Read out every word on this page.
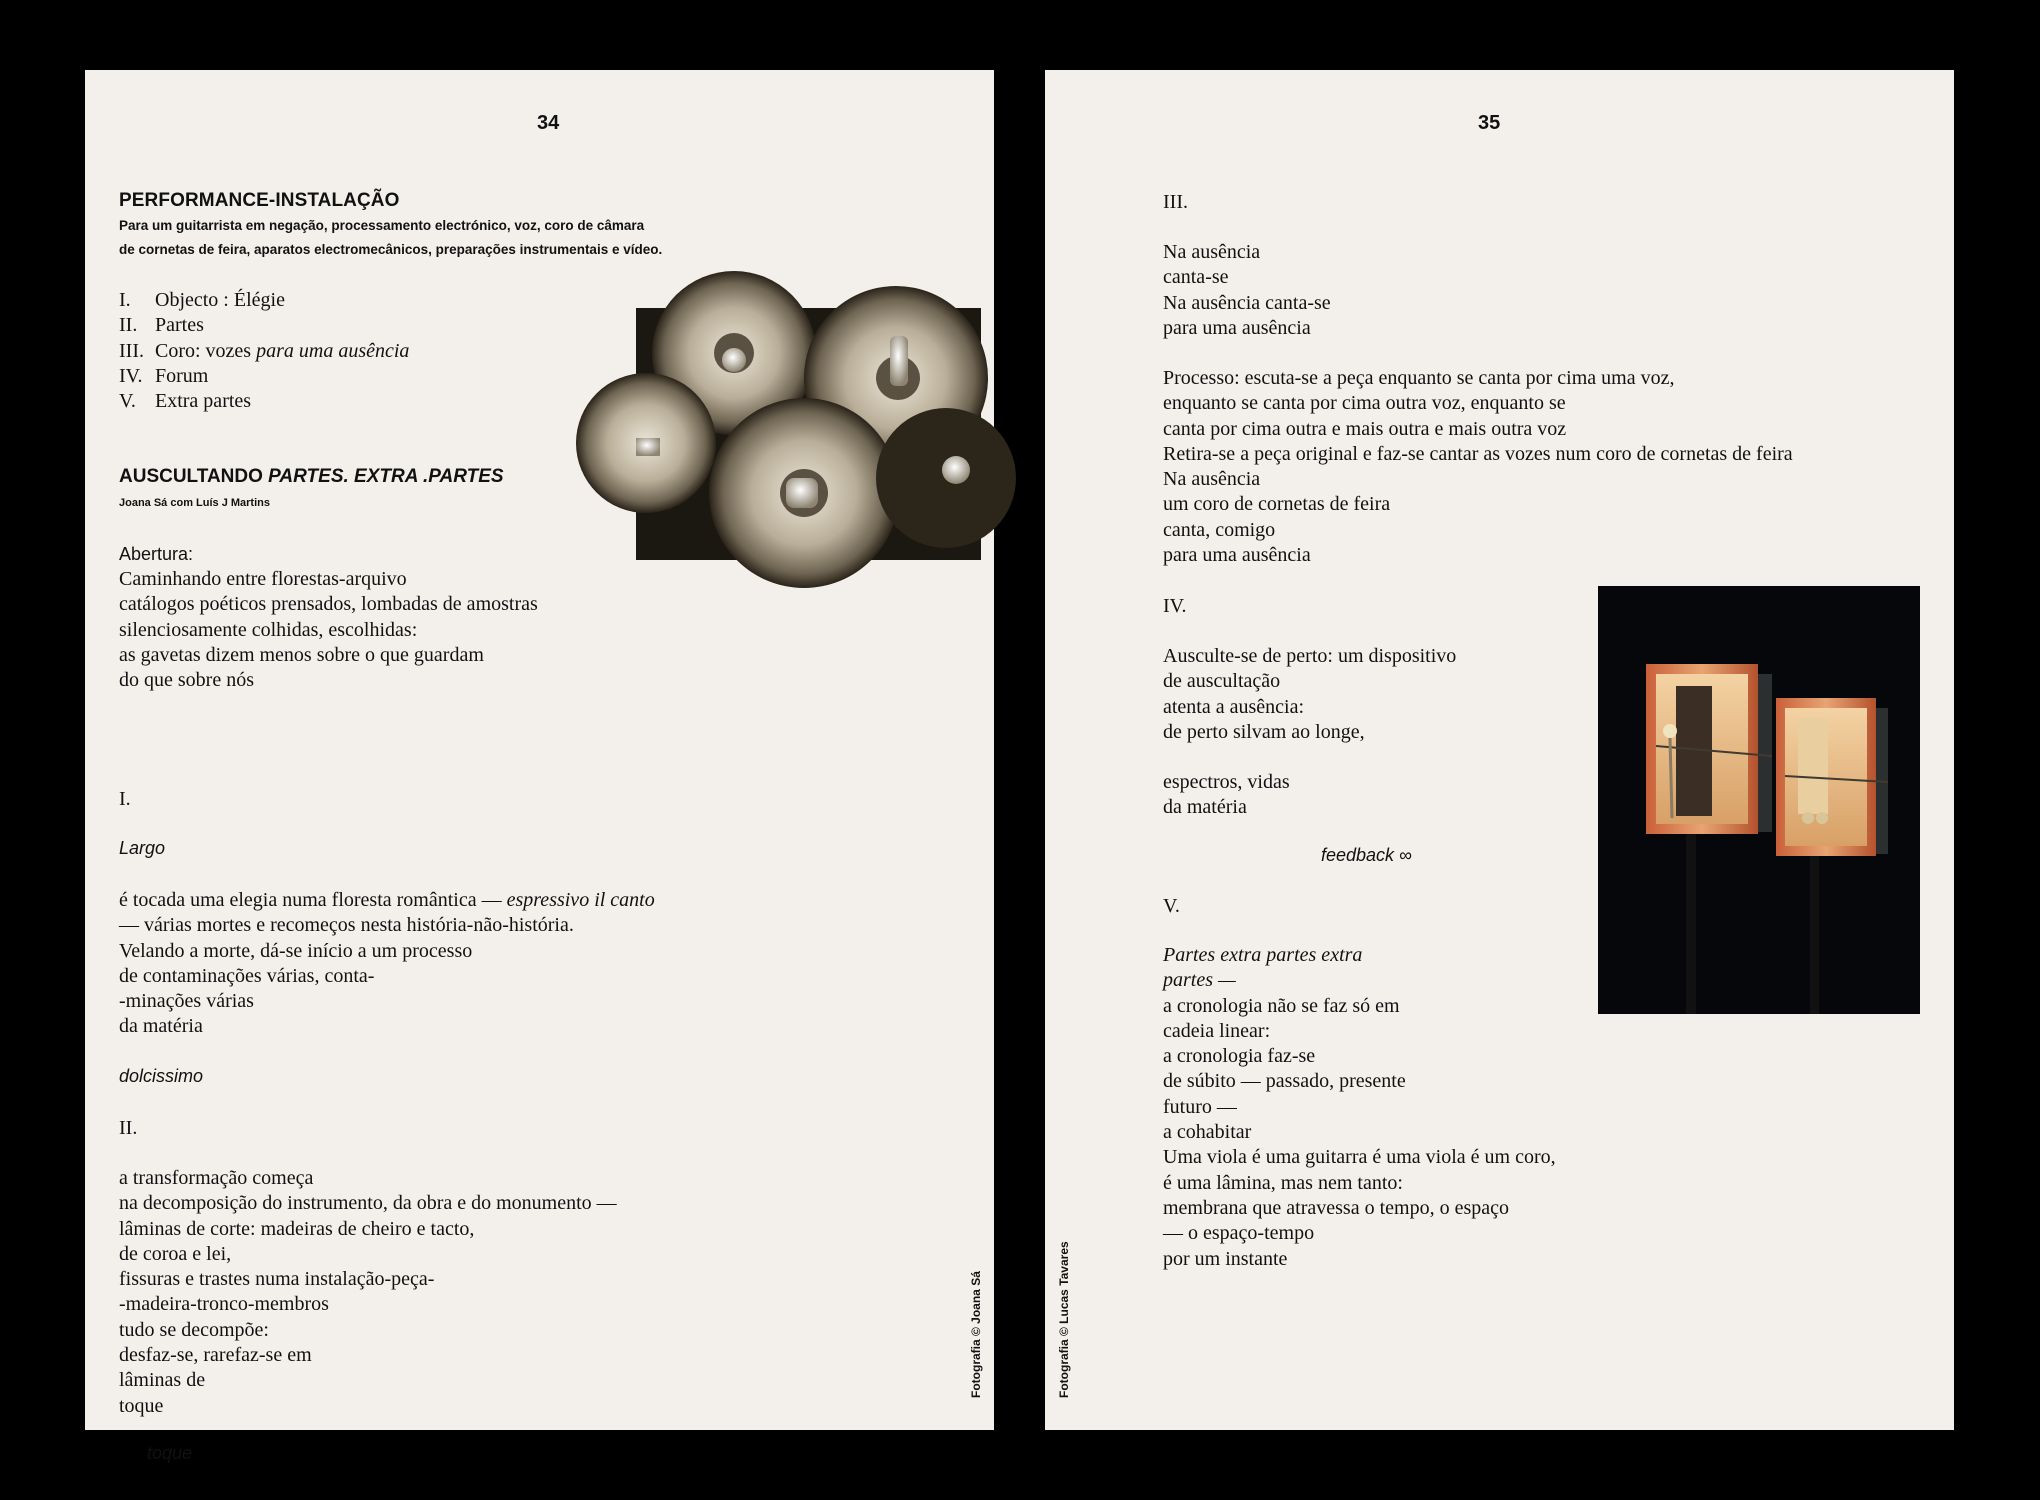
34
PERFORMANCE-INSTALAÇÃO
Para um guitarrista em negação, processamento electrónico, voz, coro de câmara
de cornetas de feira, aparatos electromecânicos, preparações instrumentais e vídeo.
I. Objecto : Élégie
II. Partes
III. Coro: vozes para uma ausência
IV. Forum
V. Extra partes
AUSCULTANDO PARTES. EXTRA .PARTES
Joana Sá com Luís J Martins
Abertura:
Caminhando entre florestas-arquivo
catálogos poéticos prensados, lombadas de amostras
silenciosamente colhidas, escolhidas:
as gavetas dizem menos sobre o que guardam
do que sobre nós
I.
Largo
é tocada uma elegia numa floresta romântica — espressivo il canto
— várias mortes e recomeços nesta história-não-história.
Velando a morte, dá-se início a um processo
de contaminações várias, conta-
-minações várias
da matéria
dolcissimo
II.
a transformação começa
na decomposição do instrumento, da obra e do monumento —
lâminas de corte: madeiras de cheiro e tacto,
de coroa e lei,
fissuras e trastes numa instalação-peça-
-madeira-tronco-membros
tudo se decompõe:
desfaz-se, rarefaz-se em
lâminas de
toque
toque
Fotografia © Joana Sá
35
III.
Na ausência
canta-se
Na ausência canta-se
para uma ausência
Processo: escuta-se a peça enquanto se canta por cima uma voz,
enquanto se canta por cima outra voz, enquanto se
canta por cima outra e mais outra e mais outra voz
Retira-se a peça original e faz-se cantar as vozes num coro de cornetas de feira
Na ausência
um coro de cornetas de feira
canta, comigo
para uma ausência
IV.
Ausculte-se de perto: um dispositivo
de auscultação
atenta a ausência:
de perto silvam ao longe,
espectros, vidas
da matéria
feedback ∞
V.
Partes extra partes extra
partes —
a cronologia não se faz só em
cadeia linear:
a cronologia faz-se
de súbito — passado, presente
futuro —
a cohabitar
Uma viola é uma guitarra é uma viola é um coro,
é uma lâmina, mas nem tanto:
membrana que atravessa o tempo, o espaço
— o espaço-tempo
por um instante
Fotografia © Lucas Tavares
